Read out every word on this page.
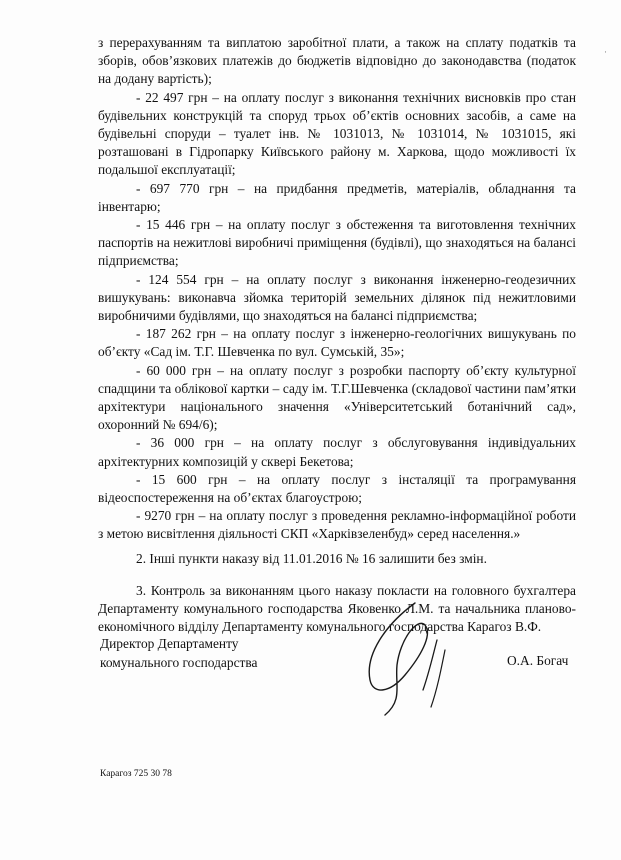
з перерахуванням та виплатою заробітної плати, а також на сплату податків та зборів, обов’язкових платежів до бюджетів відповідно до законодавства (податок на додану вартість);

- 22 497 грн – на оплату послуг з виконання технічних висновків про стан будівельних конструкцій та споруд трьох об’єктів основних засобів, а саме на будівельні споруди – туалет інв. № 1031013, № 1031014, № 1031015, які розташовані в Гідропарку Київського району м. Харкова, щодо можливості їх подальшої експлуатації;

- 697 770 грн – на придбання предметів, матеріалів, обладнання та інвентарю;

- 15 446 грн – на оплату послуг з обстеження та виготовлення технічних паспортів на нежитлові виробничі приміщення (будівлі), що знаходяться на балансі підприємства;

- 124 554 грн – на оплату послуг з виконання інженерно-геодезичних вишукувань: виконавча зйомка територій земельних ділянок під нежитловими виробничими будівлями, що знаходяться на балансі підприємства;

- 187 262 грн – на оплату послуг з інженерно-геологічних вишукувань по об’єкту «Сад ім. Т.Г. Шевченка по вул. Сумській, 35»;

- 60 000 грн – на оплату послуг з розробки паспорту об’єкту культурної спадщини та облікової картки – саду ім. Т.Г.Шевченка (складової частини пам’ятки архітектури національного значення «Університетський ботанічний сад», охоронний № 694/6);

- 36 000 грн – на оплату послуг з обслуговування індивідуальних архітектурних композицій у сквері Бекетова;

- 15 600 грн – на оплату послуг з інсталяції та програмування відеоспостереження на об’єктах благоустрою;

- 9270 грн – на оплату послуг з проведення рекламно-інформаційної роботи з метою висвітлення діяльності СКП «Харківзеленбуд» серед населення.»

2. Інші пункти наказу від 11.01.2016 № 16 залишити без змін.

3. Контроль за виконанням цього наказу покласти на головного бухгалтера Департаменту комунального господарства Яковенко Л.М. та начальника планово-економічного відділу Департаменту комунального господарства Карагоз В.Ф.

Директор Департаменту
комунального господарства	О.А. Богач
Карагоз 725 30 78
·
